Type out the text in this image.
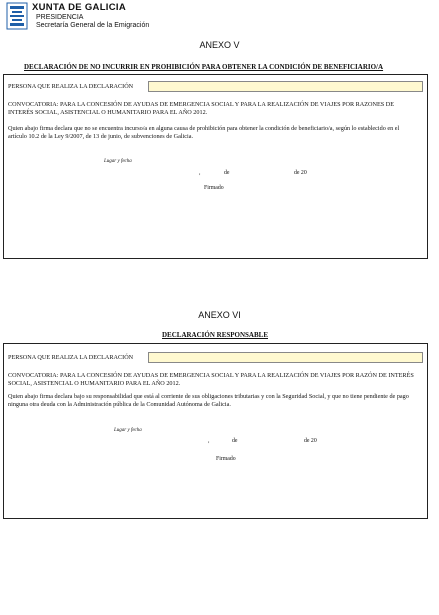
XUNTA DE GALICIA
PRESIDENCIA
Secretaría General de la Emigración
ANEXO V
DECLARACIÓN DE NO INCURRIR EN PROHIBICIÓN PARA OBTENER LA CONDICIÓN DE BENEFICIARIO/A
PERSONA QUE REALIZA LA DECLARACIÓN

CONVOCATORIA: PARA LA CONCESIÓN DE AYUDAS DE EMERGENCIA SOCIAL Y PARA LA REALIZACIÓN DE VIAJES POR RAZONES DE INTERÉS SOCIAL, ASISTENCIAL O HUMANITARIO PARA EL AÑO 2012.

Quien abajo firma declara que no se encuentra incurso/a en alguna causa de prohibición para obtener la condición de beneficiario/a, según lo establecido en el artículo 10.2 de la Ley 9/2007, de 13 de junio, de subvenciones de Galicia.

Lugar y fecha
,	de	de 20
Firmado
ANEXO VI
DECLARACIÓN RESPONSABLE
PERSONA QUE REALIZA LA DECLARACIÓN

CONVOCATORIA: PARA LA CONCESIÓN DE AYUDAS DE EMERGENCIA SOCIAL Y PARA LA REALIZACIÓN DE VIAJES POR RAZÓN DE INTERÉS SOCIAL, ASISTENCIAL O HUMANITARIO PARA EL AÑO 2012.

Quien abajo firma declara bajo su responsabilidad que está al corriente de sus obligaciones tributarias y con la Seguridad Social, y que no tiene pendiente de pago ninguna otra deuda con la Administración pública de la Comunidad Autónoma de Galicia.

Lugar y fecha
,	de	de 20
Firmado
